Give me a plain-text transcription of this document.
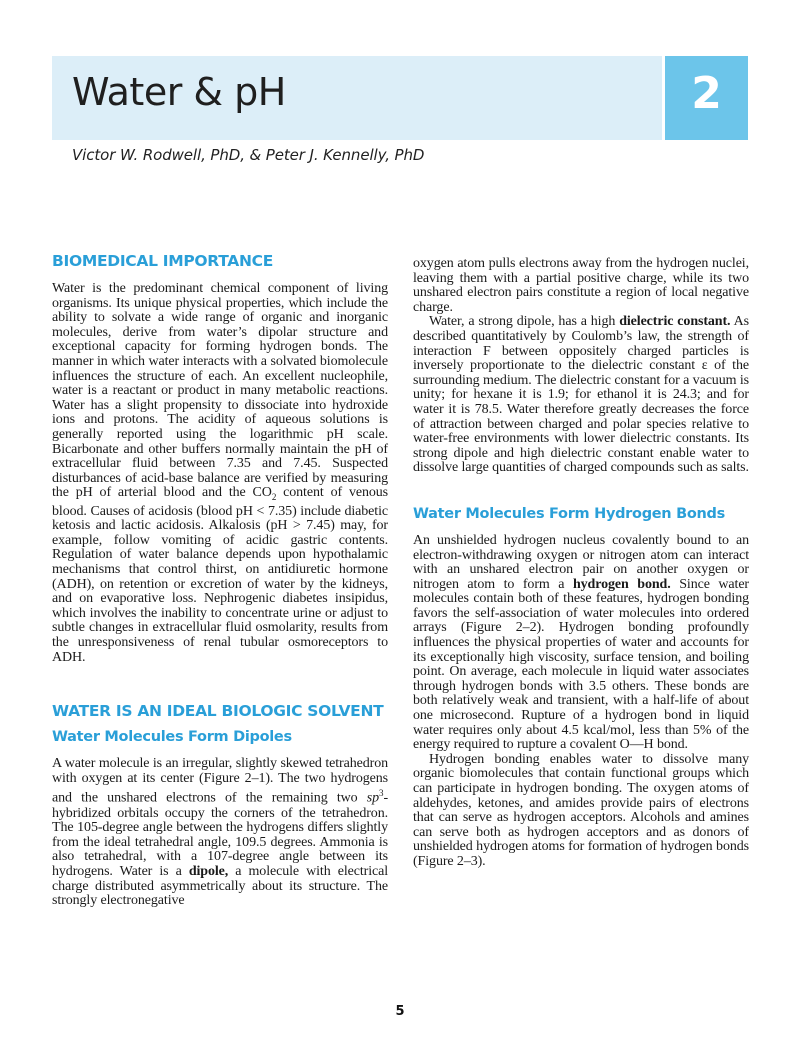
Water & pH	2

Victor W. Rodwell, PhD, & Peter J. Kennelly, PhD

BIOMEDICAL IMPORTANCE

Water is the predominant chemical component of living organisms. Its unique physical properties, which include the ability to solvate a wide range of organic and inorganic molecules, derive from water’s dipolar structure and exceptional capacity for forming hydrogen bonds. The manner in which water interacts with a solvated biomolecule influences the structure of each. An excellent nucleophile, water is a reactant or product in many metabolic reactions. Water has a slight propensity to dissociate into hydroxide ions and protons. The acidity of aqueous solutions is generally reported using the logarithmic pH scale. Bicarbonate and other buffers normally maintain the pH of extracellular fluid between 7.35 and 7.45. Suspected disturbances of acid-base balance are verified by measuring the pH of arterial blood and the $CO_2$ content of venous blood. Causes of acidosis (blood pH < 7.35) include diabetic ketosis and lactic acidosis. Alkalosis (pH > 7.45) may, for example, follow vomiting of acidic gastric contents. Regulation of water balance depends upon hypothalamic mechanisms that control thirst, on antidiuretic hormone (ADH), on retention or excretion of water by the kidneys, and on evaporative loss. Nephrogenic diabetes insipidus, which involves the inability to concentrate urine or adjust to subtle changes in extracellular fluid osmolarity, results from the unresponsiveness of renal tubular osmoreceptors to ADH.

WATER IS AN IDEAL BIOLOGIC SOLVENT
Water Molecules Form Dipoles

A water molecule is an irregular, slightly skewed tetrahedron with oxygen at its center (Figure 2–1). The two hydrogens and the unshared electrons of the remaining two $sp^3$-hybridized orbitals occupy the corners of the tetrahedron. The 105-degree angle between the hydrogens differs slightly from the ideal tetrahedral angle, 109.5 degrees. Ammonia is also tetrahedral, with a 107-degree angle between its hydrogens. Water is a dipole, a molecule with electrical charge distributed asymmetrically about its structure. The strongly electronegative

oxygen atom pulls electrons away from the hydrogen nuclei, leaving them with a partial positive charge, while its two unshared electron pairs constitute a region of local negative charge.

Water, a strong dipole, has a high dielectric constant. As described quantitatively by Coulomb’s law, the strength of interaction F between oppositely charged particles is inversely proportionate to the dielectric constant ε of the surrounding medium. The dielectric constant for a vacuum is unity; for hexane it is 1.9; for ethanol it is 24.3; and for water it is 78.5. Water therefore greatly decreases the force of attraction between charged and polar species relative to water-free environments with lower dielectric constants. Its strong dipole and high dielectric constant enable water to dissolve large quantities of charged compounds such as salts.

Water Molecules Form Hydrogen Bonds

An unshielded hydrogen nucleus covalently bound to an electron-withdrawing oxygen or nitrogen atom can interact with an unshared electron pair on another oxygen or nitrogen atom to form a hydrogen bond. Since water molecules contain both of these features, hydrogen bonding favors the self-association of water molecules into ordered arrays (Figure 2–2). Hydrogen bonding profoundly influences the physical properties of water and accounts for its exceptionally high viscosity, surface tension, and boiling point. On average, each molecule in liquid water associates through hydrogen bonds with 3.5 others. These bonds are both relatively weak and transient, with a half-life of about one microsecond. Rupture of a hydrogen bond in liquid water requires only about 4.5 kcal/mol, less than 5% of the energy required to rupture a covalent O—H bond.

Hydrogen bonding enables water to dissolve many organic biomolecules that contain functional groups which can participate in hydrogen bonding. The oxygen atoms of aldehydes, ketones, and amides provide pairs of electrons that can serve as hydrogen acceptors. Alcohols and amines can serve both as hydrogen acceptors and as donors of unshielded hydrogen atoms for formation of hydrogen bonds (Figure 2–3).

5
